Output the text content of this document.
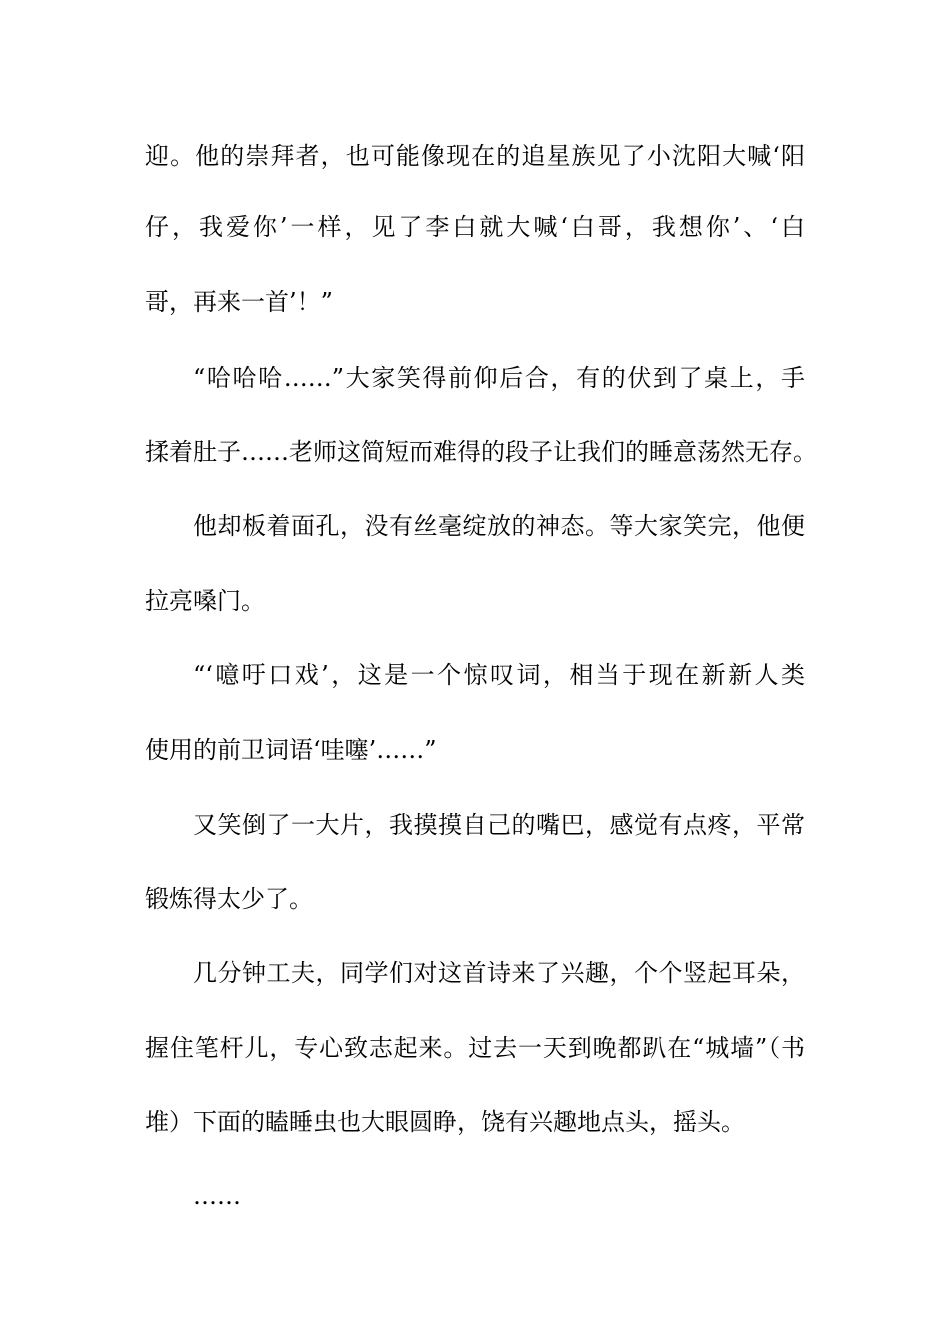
迎。他的崇拜者，也可能像现在的追星族见了小沈阳大喊‘阳
仔，我爱你’一样，见了李白就大喊‘白哥，我想你’、‘白
哥，再来一首’！”
“哈哈哈……”大家笑得前仰后合，有的伏到了桌上，手
揉着肚子……老师这简短而难得的段子让我们的睡意荡然无存。
他却板着面孔，没有丝毫绽放的神态。等大家笑完，他便
拉亮嗓门。
“‘噫吁口戏’，这是一个惊叹词，相当于现在新新人类
使用的前卫词语‘哇噻’……”
又笑倒了一大片，我摸摸自己的嘴巴，感觉有点疼，平常
锻炼得太少了。
几分钟工夫，同学们对这首诗来了兴趣，个个竖起耳朵，
握住笔杆儿，专心致志起来。过去一天到晚都趴在“城墙”（书
堆）下面的瞌睡虫也大眼圆睁，饶有兴趣地点头，摇头。
……
